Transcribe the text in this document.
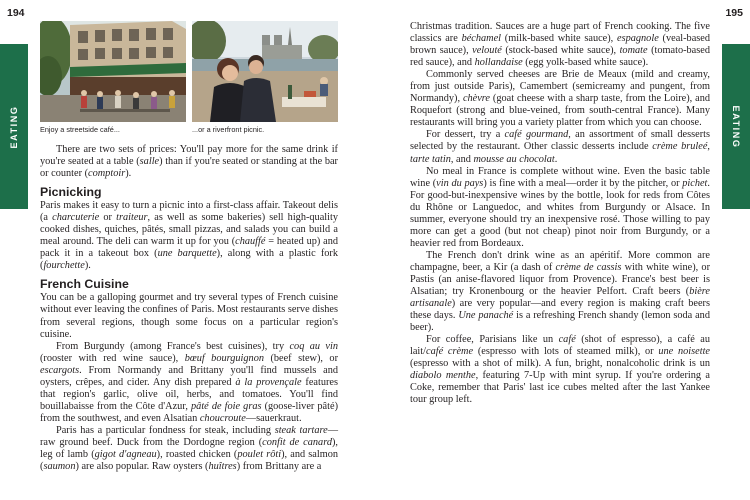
194	195
EATING	EATING
Enjoy a streetside café...	...or a riverfront picnic.

There are two sets of prices: You'll pay more for the same drink if you're seated at a table (salle) than if you're seated or standing at the bar or counter (comptoir).

Picnicking

Paris makes it easy to turn a picnic into a first-class affair. Takeout delis (a charcuterie or traiteur, as well as some bakeries) sell high-quality cooked dishes, quiches, pâtés, small pizzas, and salads you can build a meal around. The deli can warm it up for you (chauffé = heated up) and pack it in a takeout box (une barquette), along with a plastic fork (fourchette).

French Cuisine

You can be a galloping gourmet and try several types of French cuisine without ever leaving the confines of Paris. Most restaurants serve dishes from several regions, though some focus on a particular region's cuisine.

From Burgundy (among France's best cuisines), try coq au vin (rooster with red wine sauce), bœuf bourguignon (beef stew), or escargots. From Normandy and Brittany you'll find mussels and oysters, crêpes, and cider. Any dish prepared à la provençale features that region's garlic, olive oil, herbs, and tomatoes. You'll find bouillabaisse from the Côte d'Azur, pâté de foie gras (goose-liver pâté) from the southwest, and even Alsatian choucroute—sauerkraut.

Paris has a particular fondness for steak, including steak tartare—raw ground beef. Duck from the Dordogne region (confit de canard), leg of lamb (gigot d'agneau), roasted chicken (poulet rôti), and salmon (saumon) are also popular. Raw oysters (huîtres) from Brittany are a

Christmas tradition. Sauces are a huge part of French cooking. The five classics are béchamel (milk-based white sauce), espagnole (veal-based brown sauce), velouté (stock-based white sauce), tomate (tomato-based red sauce), and hollandaise (egg yolk-based white sauce).

Commonly served cheeses are Brie de Meaux (mild and creamy, from just outside Paris), Camembert (semicreamy and pungent, from Normandy), chèvre (goat cheese with a sharp taste, from the Loire), and Roquefort (strong and blue-veined, from south-central France). Many restaurants will bring you a variety platter from which you can choose.

For dessert, try a café gourmand, an assortment of small desserts selected by the restaurant. Other classic desserts include crème bruleé, tarte tatin, and mousse au chocolat.

No meal in France is complete without wine. Even the basic table wine (vin du pays) is fine with a meal—order it by the pitcher, or pichet. For good-but-inexpensive wines by the bottle, look for reds from Côtes du Rhône or Languedoc, and whites from Burgundy or Alsace. In summer, everyone should try an inexpensive rosé. Those willing to pay more can get a good (but not cheap) pinot noir from Burgundy, or a heavier red from Bordeaux.

The French don't drink wine as an apéritif. More common are champagne, beer, a Kir (a dash of crème de cassis with white wine), or Pastis (an anise-flavored liquor from Provence). France's best beer is Alsatian; try Kronenbourg or the heavier Pelfort. Craft beers (bière artisanale) are very popular—and every region is making craft beers these days. Une panaché is a refreshing French shandy (lemon soda and beer).

For coffee, Parisians like un café (shot of espresso), a café au lait/café crème (espresso with lots of steamed milk), or une noisette (espresso with a shot of milk). A fun, bright, nonalcoholic drink is un diabolo menthe, featuring 7-Up with mint syrup. If you're ordering a Coke, remember that Paris' last ice cubes melted after the last Yankee tour group left.
